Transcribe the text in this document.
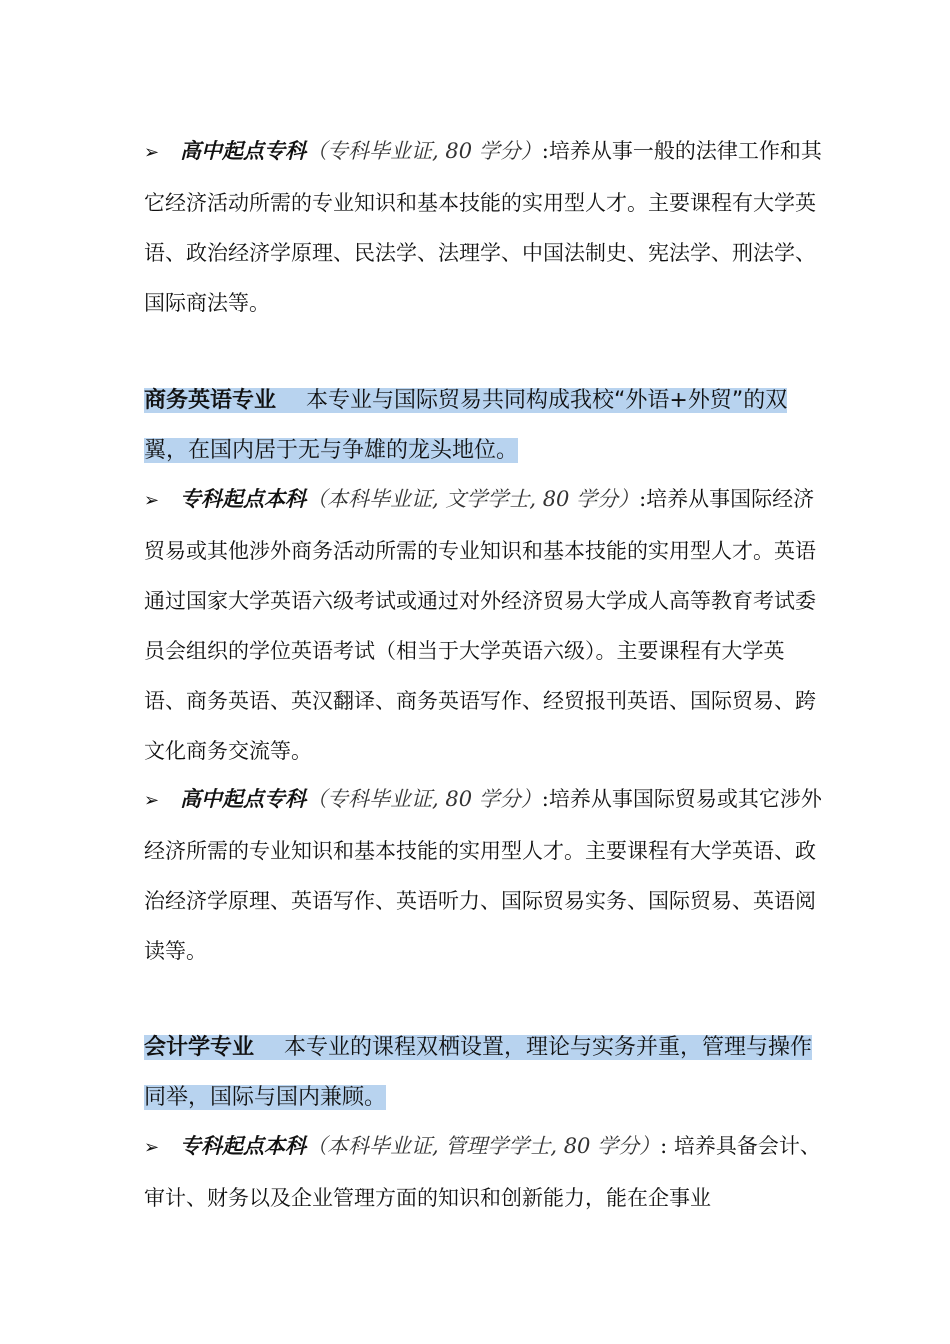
➢ 高中起点专科（专科毕业证, 80 学分）:培养从事一般的法律工作和其它经济活动所需的专业知识和基本技能的实用型人才。主要课程有大学英语、政治经济学原理、民法学、法理学、中国法制史、宪法学、刑法学、国际商法等。

商务英语专业 本专业与国际贸易共同构成我校“外语+外贸”的双翼，在国内居于无与争雄的龙头地位。

➢ 专科起点本科（本科毕业证, 文学学士, 80 学分）:培养从事国际经济贸易或其他涉外商务活动所需的专业知识和基本技能的实用型人才。英语通过国家大学英语六级考试或通过对外经济贸易大学成人高等教育考试委员会组织的学位英语考试（相当于大学英语六级）。主要课程有大学英语、商务英语、英汉翻译、商务英语写作、经贸报刊英语、国际贸易、跨文化商务交流等。

➢ 高中起点专科（专科毕业证, 80 学分）:培养从事国际贸易或其它涉外经济所需的专业知识和基本技能的实用型人才。主要课程有大学英语、政治经济学原理、英语写作、英语听力、国际贸易实务、国际贸易、英语阅读等。

会计学专业 本专业的课程双栖设置，理论与实务并重，管理与操作同举，国际与国内兼顾。

➢ 专科起点本科（本科毕业证, 管理学学士, 80 学分）: 培养具备会计、审计、财务以及企业管理方面的知识和创新能力，能在企事业
